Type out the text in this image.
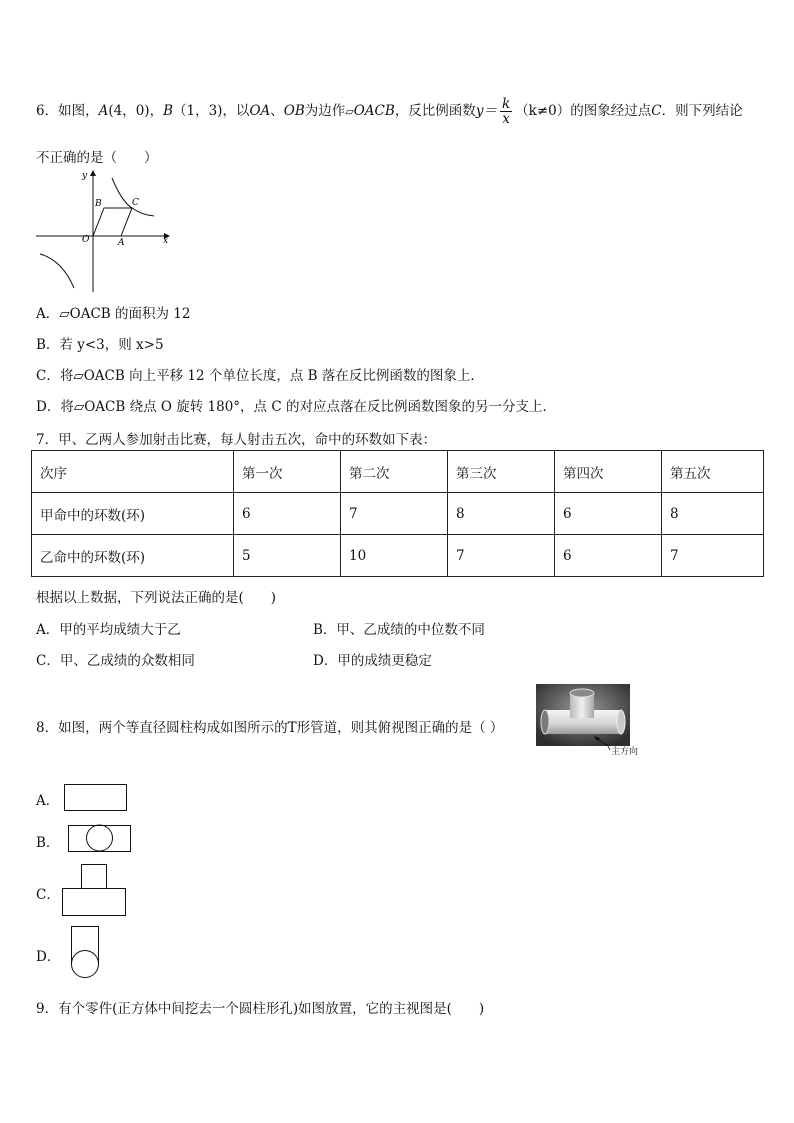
6．如图，A(4，0)，B（1，3)，以OA、OB为边作▱OACB，反比例函数$y= \frac{k}{x} (k\ne 0)$的图象经过点C．则下列结论
不正确的是（　　）
y
x
O	A
B	C
A．▱OACB 的面积为 12
B．若 y<3，则 x>5
C．将▱OACB 向上平移 12 个单位长度，点 B 落在反比例函数的图象上．
D．将▱OACB 绕点 O 旋转 180°，点 C 的对应点落在反比例函数图象的另一分支上．
7．甲、乙两人参加射击比赛，每人射击五次，命中的环数如下表：
次序	第一次	第二次	第三次	第四次	第五次
甲命中的环数(环)	6	7	8	6	8
乙命中的环数(环)	5	10	7	6	7
根据以上数据，下列说法正确的是(　　)
A．甲的平均成绩大于乙	B．甲、乙成绩的中位数不同
C．甲、乙成绩的众数相同	D．甲的成绩更稳定
8．如图，两个等直径圆柱构成如图所示的T形管道，则其俯视图正确的是（ ）
主方向
A．
B．
C．
D．
9．有个零件(正方体中间挖去一个圆柱形孔)如图放置，它的主视图是(　　)
